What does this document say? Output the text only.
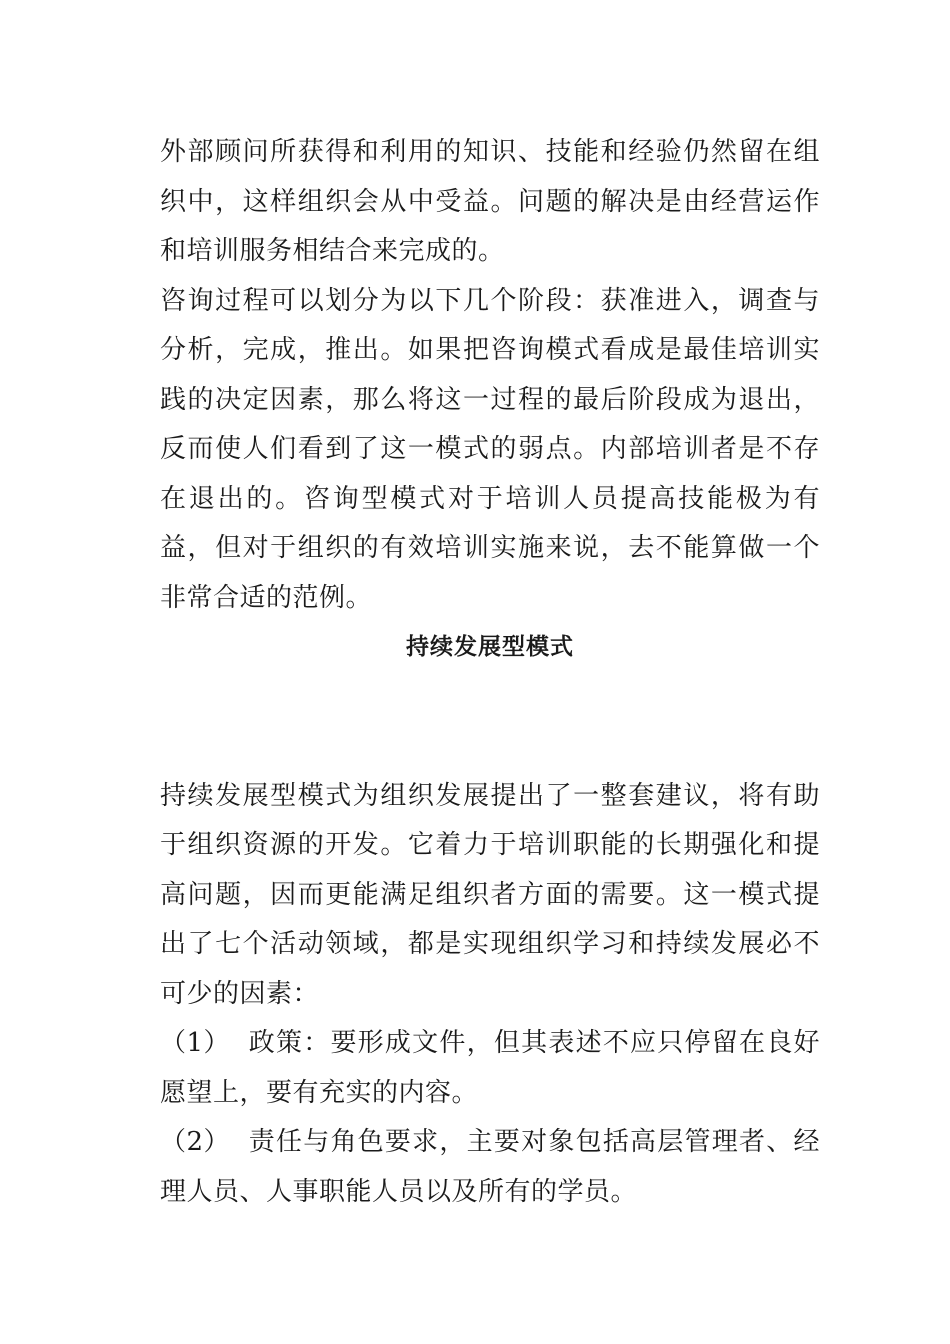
外部顾问所获得和利用的知识、技能和经验仍然留在组织中，这样组织会从中受益。问题的解决是由经营运作和培训服务相结合来完成的。

咨询过程可以划分为以下几个阶段：获准进入，调查与分析，完成，推出。如果把咨询模式看成是最佳培训实践的决定因素，那么将这一过程的最后阶段成为退出，反而使人们看到了这一模式的弱点。内部培训者是不存在退出的。咨询型模式对于培训人员提高技能极为有益，但对于组织的有效培训实施来说，去不能算做一个非常合适的范例。

持续发展型模式

持续发展型模式为组织发展提出了一整套建议，将有助于组织资源的开发。它着力于培训职能的长期强化和提高问题，因而更能满足组织者方面的需要。这一模式提出了七个活动领域，都是实现组织学习和持续发展必不可少的因素：

（1） 政策：要形成文件，但其表述不应只停留在良好愿望上，要有充实的内容。

（2） 责任与角色要求，主要对象包括高层管理者、经理人员、人事职能人员以及所有的学员。
